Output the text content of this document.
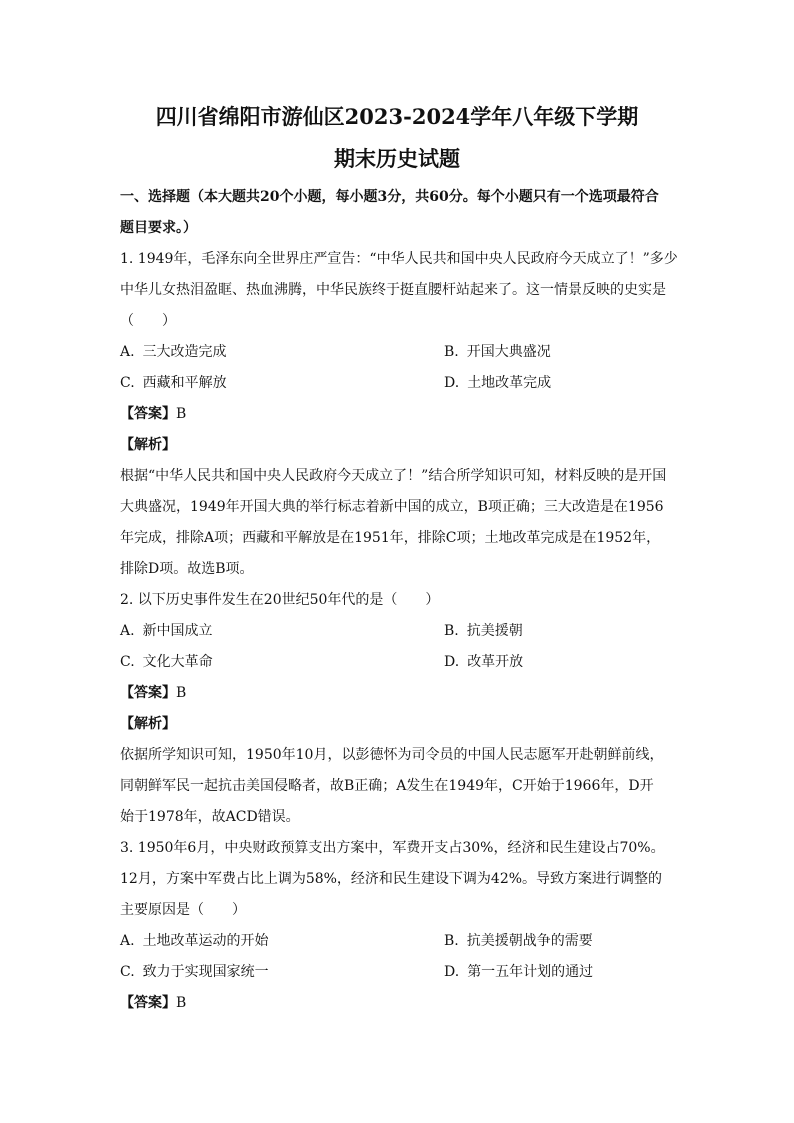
四川省绵阳市游仙区2023-2024学年八年级下学期
期末历史试题
一、选择题（本大题共20个小题，每小题3分，共60分。每个小题只有一个选项最符合
题目要求。）
1. 1949年，毛泽东向全世界庄严宣告：“中华人民共和国中央人民政府今天成立了！”多少
中华儿女热泪盈眶、热血沸腾，中华民族终于挺直腰杆站起来了。这一情景反映的史实是
（　　）
A. 三大改造完成	B. 开国大典盛况
C. 西藏和平解放	D. 土地改革完成
【答案】B
【解析】
根据“中华人民共和国中央人民政府今天成立了！”结合所学知识可知，材料反映的是开国
大典盛况，1949年开国大典的举行标志着新中国的成立，B项正确；三大改造是在1956
年完成，排除A项；西藏和平解放是在1951年，排除C项；土地改革完成是在1952年，
排除D项。故选B项。
2. 以下历史事件发生在20世纪50年代的是（　　）
A. 新中国成立	B. 抗美援朝
C. 文化大革命	D. 改革开放
【答案】B
【解析】
依据所学知识可知，1950年10月，以彭德怀为司令员的中国人民志愿军开赴朝鲜前线，
同朝鲜军民一起抗击美国侵略者，故B正确；A发生在1949年，C开始于1966年，D开
始于1978年，故ACD错误。
3. 1950年6月，中央财政预算支出方案中，军费开支占30%，经济和民生建设占70%。
12月，方案中军费占比上调为58%，经济和民生建设下调为42%。导致方案进行调整的
主要原因是（　　）
A. 土地改革运动的开始	B. 抗美援朝战争的需要
C. 致力于实现国家统一	D. 第一五年计划的通过
【答案】B
